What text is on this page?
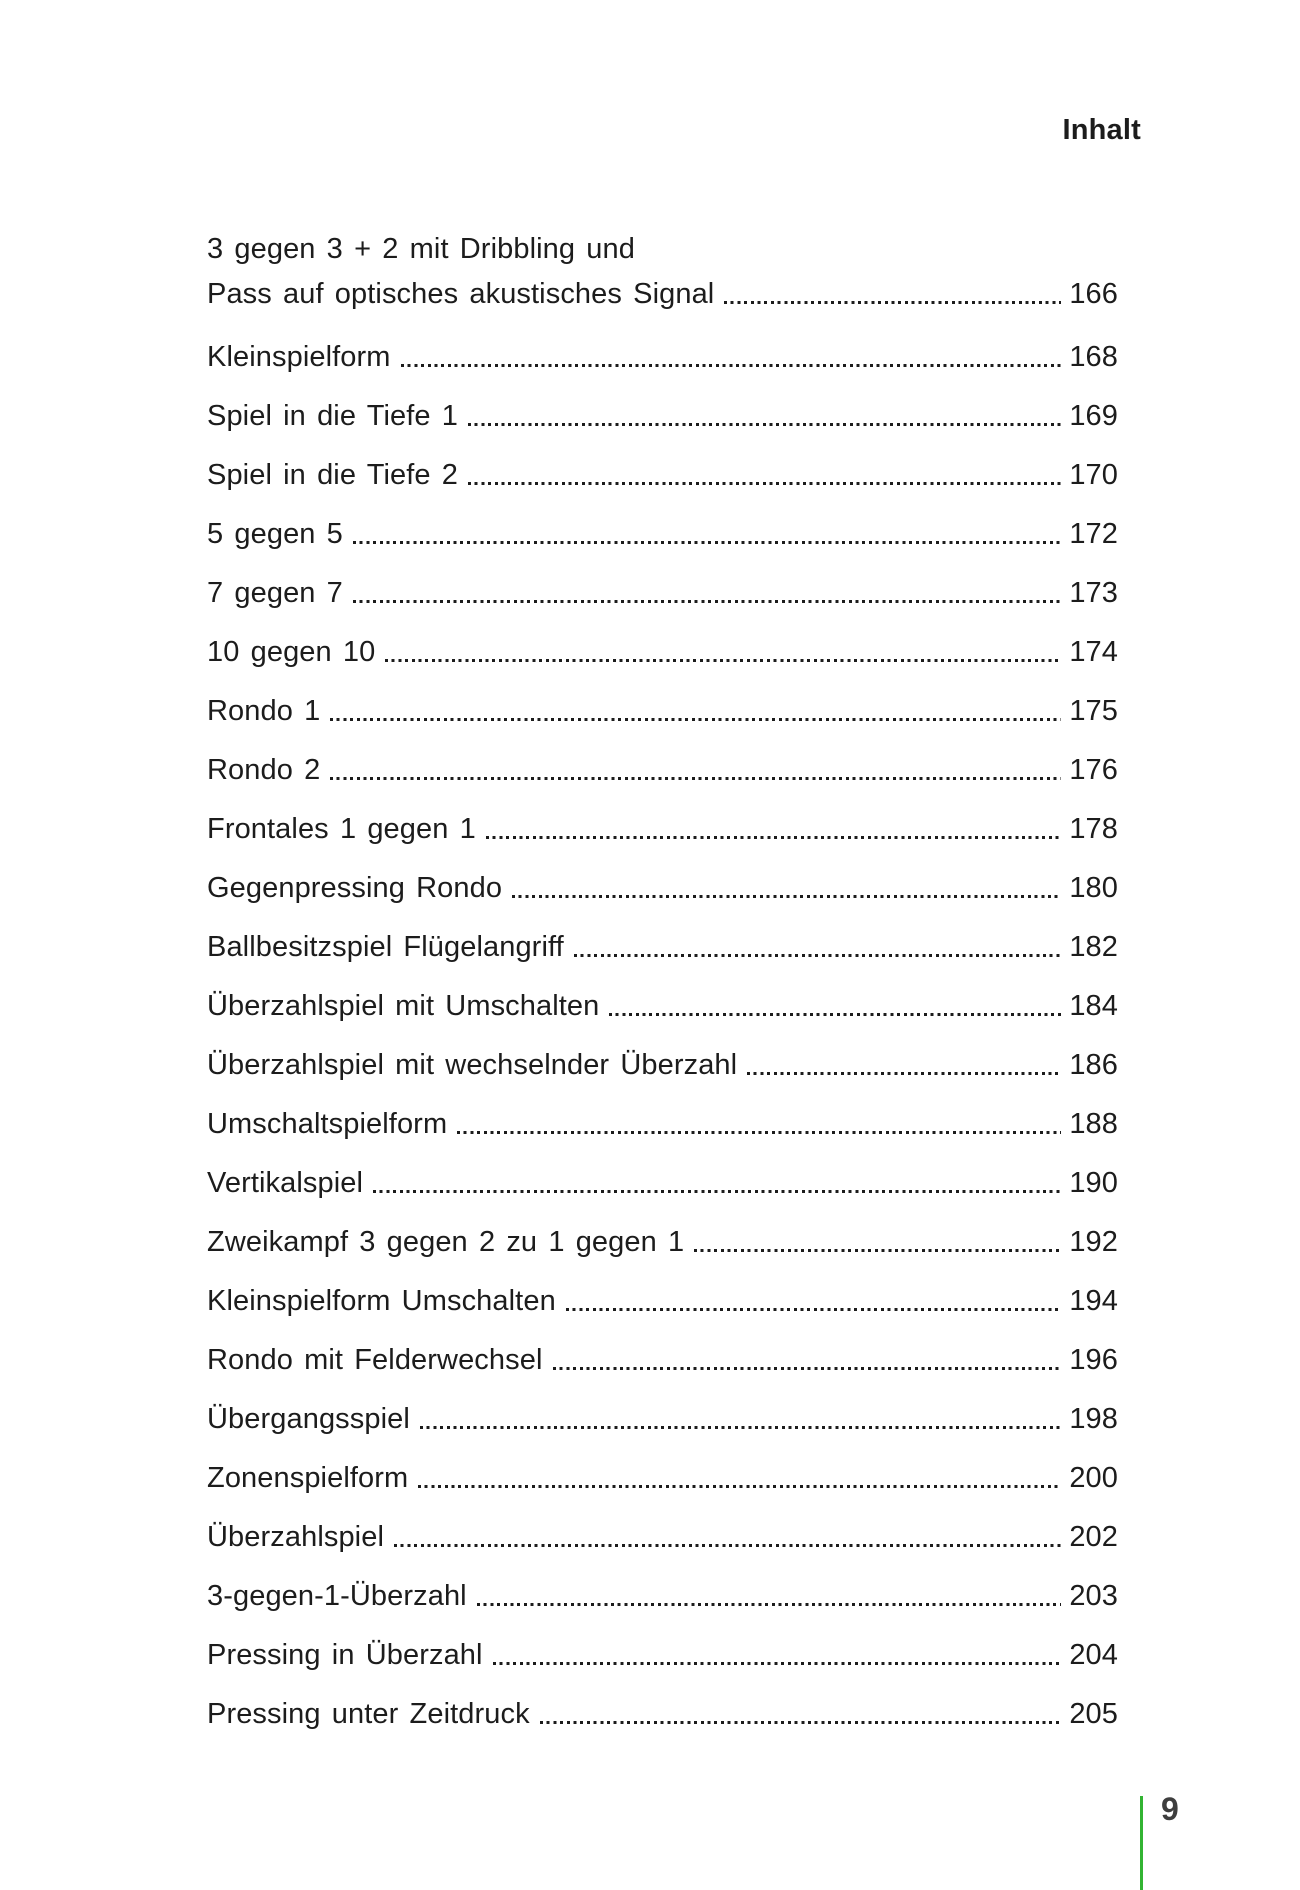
Inhalt
3 gegen 3 + 2 mit Dribbling und
Pass auf optisches akustisches Signal	166
Kleinspielform	168
Spiel in die Tiefe 1	169
Spiel in die Tiefe 2	170
5 gegen 5	172
7 gegen 7	173
10 gegen 10	174
Rondo 1	175
Rondo 2	176
Frontales 1 gegen 1	178
Gegenpressing Rondo	180
Ballbesitzspiel Flügelangriff	182
Überzahlspiel mit Umschalten	184
Überzahlspiel mit wechselnder Überzahl	186
Umschaltspielform	188
Vertikalspiel	190
Zweikampf 3 gegen 2 zu 1 gegen 1	192
Kleinspielform Umschalten	194
Rondo mit Felderwechsel	196
Übergangsspiel	198
Zonenspielform	200
Überzahlspiel	202
3-gegen-1-Überzahl	203
Pressing in Überzahl	204
Pressing unter Zeitdruck	205
9
